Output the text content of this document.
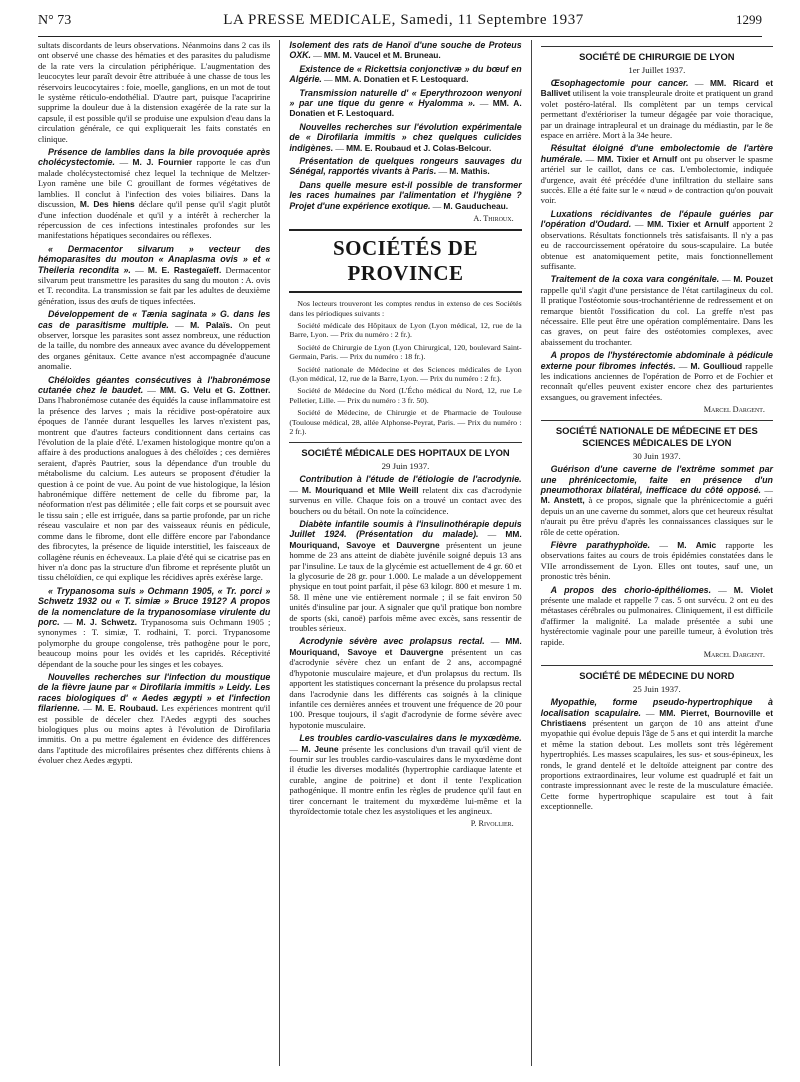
N° 73	LA PRESSE MEDICALE, Samedi, 11 Septembre 1937	1299

sultats discordants de leurs observations. Néanmoins dans 2 cas ils ont observé une chasse des hématies et des parasites du paludisme de la rate vers la circulation périphérique. L'augmentation des leucocytes leur paraît devoir être attribuée à une chasse de tous les réservoirs leucocytaires : foie, moelle, ganglions, en un mot de tout le système réticulo-endothélial. D'autre part, puisque l'acapririne supprime la douleur due à la distension exagérée de la rate sur la capsule, il est possible qu'il se produise une expulsion d'eau dans la circulation générale, ce qui expliquerait les faits constatés en clinique.

Présence de lamblies dans la bile provoquée après cholécystectomie. — M. J. Fournier rapporte le cas d'un malade cholécystectomisé chez lequel la technique de Meltzer-Lyon ramène une bile C grouillant de formes végétatives de lamblies. Il conclut à l'infection des voies biliaires. Dans la discussion, M. Des hiens déclare qu'il pense qu'il s'agit plutôt d'une infection duodénale et qu'il y a intérêt à rechercher la répercussion de ces infections intestinales profondes sur les manifestations hépatiques secondaires ou réflexes.

« Dermacentor silvarum » vecteur des hémoparasites du mouton « Anaplasma ovis » et « Theileria recondita ». — M. E. Rastegaïeff. Dermacentor silvarum peut transmettre les parasites du sang du mouton : A. ovis et T. recondita. La transmission se fait par les adultes de deuxième génération, issus des œufs de tiques infectées.

Développement de « Tænia saginata » G. dans les cas de parasitisme multiple. — M. Palaïs. On peut observer, lorsque les parasites sont assez nombreux, une réduction de la taille, du nombre des anneaux avec avance du développement des organes génitaux. Cette avance n'est accompagnée d'aucune anomalie.

Chéloïdes géantes consécutives à l'habronémose cutanée chez le baudet. — MM. G. Velu et G. Zottner. Dans l'habronémose cutanée des équidés la cause inflammatoire est la présence des larves ; mais la récidive post-opératoire aux époques de l'année durant lesquelles les larves n'existent pas, montrent que d'autres facteurs conditionnent dans certains cas l'évolution de la plaie d'été. L'examen histologique montre qu'on a affaire à des productions analogues à des chéloïdes ; ces dernières seraient, d'après Pautrier, sous la dépendance d'un trouble du métabolisme du calcium. Les auteurs se proposent d'étudier la question à ce point de vue. Au point de vue histologique, la lésion habronémique diffère nettement de celle du fibrome par, la néoformation n'est pas délimitée ; elle fait corps et se poursuit avec le tissu sain ; elle est irriguée, dans sa partie profonde, par un riche réseau vasculaire et non par des vaisseaux réunis en pédicule, comme dans le fibrome, dont elle diffère encore par l'abondance des fibrocytes, la présence de liquide interstitiel, les faisceaux de collagène réunis en écheveaux. La plaie d'été qui se cicatrise pas en hiver n'a donc pas la structure d'un fibrome et représente plutôt un tissu chéloïdien, ce qui explique les récidives après exérèse large.

« Trypanosoma suis » Ochmann 1905, « Tr. porci » Schwetz 1932 ou « T. simiæ » Bruce 1912? A propos de la nomenclature de la trypanosomiase virulente du porc. — M. J. Schwetz. Trypanosoma suis Ochmann 1905 ; synonymes : T. simiæ, T. rodhaini, T. porci. Trypanosome polymorphe du groupe congolense, très pathogène pour le porc, beaucoup moins pour les ovidés et les capridés. Réceptivité dépendant de la souche pour les singes et les cobayes.

Nouvelles recherches sur l'infection du moustique de la fièvre jaune par « Dirofilaria immitis » Leidy. Les races biologiques d' « Aedes ægypti » et l'infection filarienne. — M. E. Roubaud. Les expériences montrent qu'il est possible de déceler chez l'Aedes ægypti des souches biologiques plus ou moins aptes à l'évolution de Dirofilaria immitis. On a pu mettre également en évidence des différences dans l'aptitude des microfilaires présentes chez différents chiens à évoluer chez Aedes ægypti.

Isolement des rats de Hanoï d'une souche de Proteus OXK. — MM. M. Vaucel et M. Bruneau.

Existence de « Rickettsia conjonctivæ » du bœuf en Algérie. — MM. A. Donatien et F. Lestoquard.

Transmission naturelle d' « Eperythrozoon wenyoni » par une tique du genre « Hyalomma ». — MM. A. Donatien et F. Lestoquard.

Nouvelles recherches sur l'évolution expérimentale de « Dirofilaria immitis » chez quelques culicides indigènes. — MM. E. Roubaud et J. Colas-Belcour.

Présentation de quelques rongeurs sauvages du Sénégal, rapportés vivants à Paris. — M. Mathis.

Dans quelle mesure est-il possible de transformer les races humaines par l'alimentation et l'hygiène ? Projet d'une expérience exotique. — M. Gauducheau.

A. Thiroux.
SOCIÉTÉS DE PROVINCE

Nos lecteurs trouveront les comptes rendus in extenso de ces Sociétés dans les périodiques suivants :

Société médicale des Hôpitaux de Lyon (Lyon médical, 12, rue de la Barre, Lyon. — Prix du numéro : 2 fr.).

Société de Chirurgie de Lyon (Lyon Chirurgical, 120, boulevard Saint-Germain, Paris. — Prix du numéro : 18 fr.).

Société nationale de Médecine et des Sciences médicales de Lyon (Lyon médical, 12, rue de la Barre, Lyon. — Prix du numéro : 2 fr.).

Société de Médecine du Nord (L'Écho médical du Nord, 12, rue Le Pelletier, Lille. — Prix du numéro : 3 fr. 50).

Société de Médecine, de Chirurgie et de Pharmacie de Toulouse (Toulouse médical, 28, allée Alphonse-Peyrat, Paris. — Prix du numéro : 2 fr.).

SOCIÉTÉ MÉDICALE DES HOPITAUX DE LYON
29 Juin 1937.

Contribution à l'étude de l'étiologie de l'acrodynie. — M. Mouriquand et Mlle Weill relatent dix cas d'acrodynie survenus en ville. Chaque fois on a trouvé un contact avec des bouchers ou du bétail. On note la coïncidence.

Diabète infantile soumis à l'insulinothérapie depuis Juillet 1924. (Présentation du malade). — MM. Mouriquand, Savoye et Dauvergne présentent un jeune homme de 23 ans atteint de diabète juvénile soigné depuis 13 ans par l'insuline. Le taux de la glycémie est actuellement de 4 gr. 60 et la glycosurie de 28 gr. pour 1.000. Le malade a un développement physique en tout point parfait, il pèse 63 kilogr. 800 et mesure 1 m. 58. Il mène une vie entièrement normale ; il se fait environ 50 unités d'insuline par jour. A signaler que qu'il pratique bon nombre de sports (ski, canoë) parfois même avec excès, sans ressentir de troubles sérieux.

Acrodynie sévère avec prolapsus rectal. — MM. Mouriquand, Savoye et Dauvergne présentent un cas d'acrodynie sévère chez un enfant de 2 ans, accompagné d'hypotonie musculaire majeure, et d'un prolapsus du rectum. Ils apportent les statistiques concernant la présence du prolapsus rectal dans l'acrodynie dans les différents cas soignés à la clinique infantile ces dernières années et trouvent une fréquence de 20 pour 100. Presque toujours, il s'agit d'acrodynie de forme sévère avec hypotonie musculaire.

Les troubles cardio-vasculaires dans le myxœdème. — M. Jeune présente les conclusions d'un travail qu'il vient de fournir sur les troubles cardio-vasculaires dans le myxœdème dont il étudie les diverses modalités (hypertrophie cardiaque latente et curable, angine de poitrine) et dont il tente l'explication pathogénique. Il montre enfin les règles de prudence qu'il faut en tirer concernant le traitement du myxœdème lui-même et la thyroïdectomie totale chez les asystoliques et les angineux.

P. Rivollier.
SOCIÉTÉ DE CHIRURGIE DE LYON
1er Juillet 1937.

Œsophagectomie pour cancer. — MM. Ricard et Ballivet utilisent la voie transpleurale droite et pratiquent un grand volet postéro-latéral. Ils complètent par un temps cervical permettant d'extérioriser la tumeur dégagée par voie thoracique, par un drainage intrapleural et un drainage du médiastin, par le 8e espace en arrière. Mort à la 34e heure.

Résultat éloigné d'une embolectomie de l'artère humérale. — MM. Tixier et Arnulf ont pu observer le spasme artériel sur le caillot, dans ce cas. L'embolectomie, indiquée d'urgence, avait été précédée d'une infiltration du stellaire sans succès. Elle a été faite sur le « nœud » de contraction qu'on pouvait voir.

Luxations récidivantes de l'épaule guéries par l'opération d'Oudard. — MM. Tixier et Arnulf apportent 2 observations. Résultats fonctionnels très satisfaisants. Il n'y a pas eu de raccourcissement opératoire du sous-scapulaire. La butée obtenue est anatomiquement petite, mais fonctionnellement suffisante.

Traitement de la coxa vara congénitale. — M. Pouzet rappelle qu'il s'agit d'une persistance de l'état cartilagineux du col. Il pratique l'ostéotomie sous-trochantérienne de redressement et on remarque bientôt l'ossification du col. La greffe n'est pas nécessaire. Elle peut être une opération complémentaire. Dans les cas graves, on peut faire des ostéotomies complexes, avec abaissement du trochanter.

A propos de l'hystérectomie abdominale à pédicule externe pour fibromes infectés. — M. Goullioud rappelle les indications anciennes de l'opération de Porro et de Fochier et reconnaît qu'elles peuvent exister encore chez des parturientes exsangues, ou gravement infectées.

Marcel Dargent.
SOCIÉTÉ NATIONALE DE MÉDECINE ET DES SCIENCES MÉDICALES DE LYON
30 Juin 1937.

Guérison d'une caverne de l'extrême sommet par une phrénicectomie, faite en présence d'un pneumothorax bilatéral, inefficace du côté opposé. — M. Anstett, à ce propos, signale que la phrénicectomie a guéri depuis un an une caverne du sommet, alors que cet heureux résultat n'aurait pu être prévu d'après les connaissances classiques sur le rôle de cette opération.

Fièvre parathyphoïde. — M. Amic rapporte les observations faites au cours de trois épidémies constatées dans le VIIe arrondissement de Lyon. Elles ont toutes, sauf une, un pronostic très bénin.

A propos des chorio-épithéliomes. — M. Violet présente une malade et rappelle 7 cas. 5 ont survécu. 2 ont eu des métastases cérébrales ou pulmonaires. Cliniquement, il est difficile d'affirmer la malignité. La malade présentée a subi une hystérectomie vaginale pour une pareille tumeur, à évolution très rapide.

Marcel Dargent.
SOCIÉTÉ DE MÉDECINE DU NORD
25 Juin 1937.

Myopathie, forme pseudo-hypertrophique à localisation scapulaire. — MM. Pierret, Bournoville et Christiaens présentent un garçon de 10 ans atteint d'une myopathie qui évolue depuis l'âge de 5 ans et qui interdit la marche et même la station debout. Les mollets sont très légèrement hypertrophiés. Les masses scapulaires, les sus- et sous-épineux, les ronds, le grand dentelé et le deltoïde atteignent par contre des proportions extraordinaires, leur volume est quadruplé et fait un contraste impressionnant avec le reste de la musculature émaciée. Cette forme hypertrophique scapulaire est tout à fait exceptionnelle.
